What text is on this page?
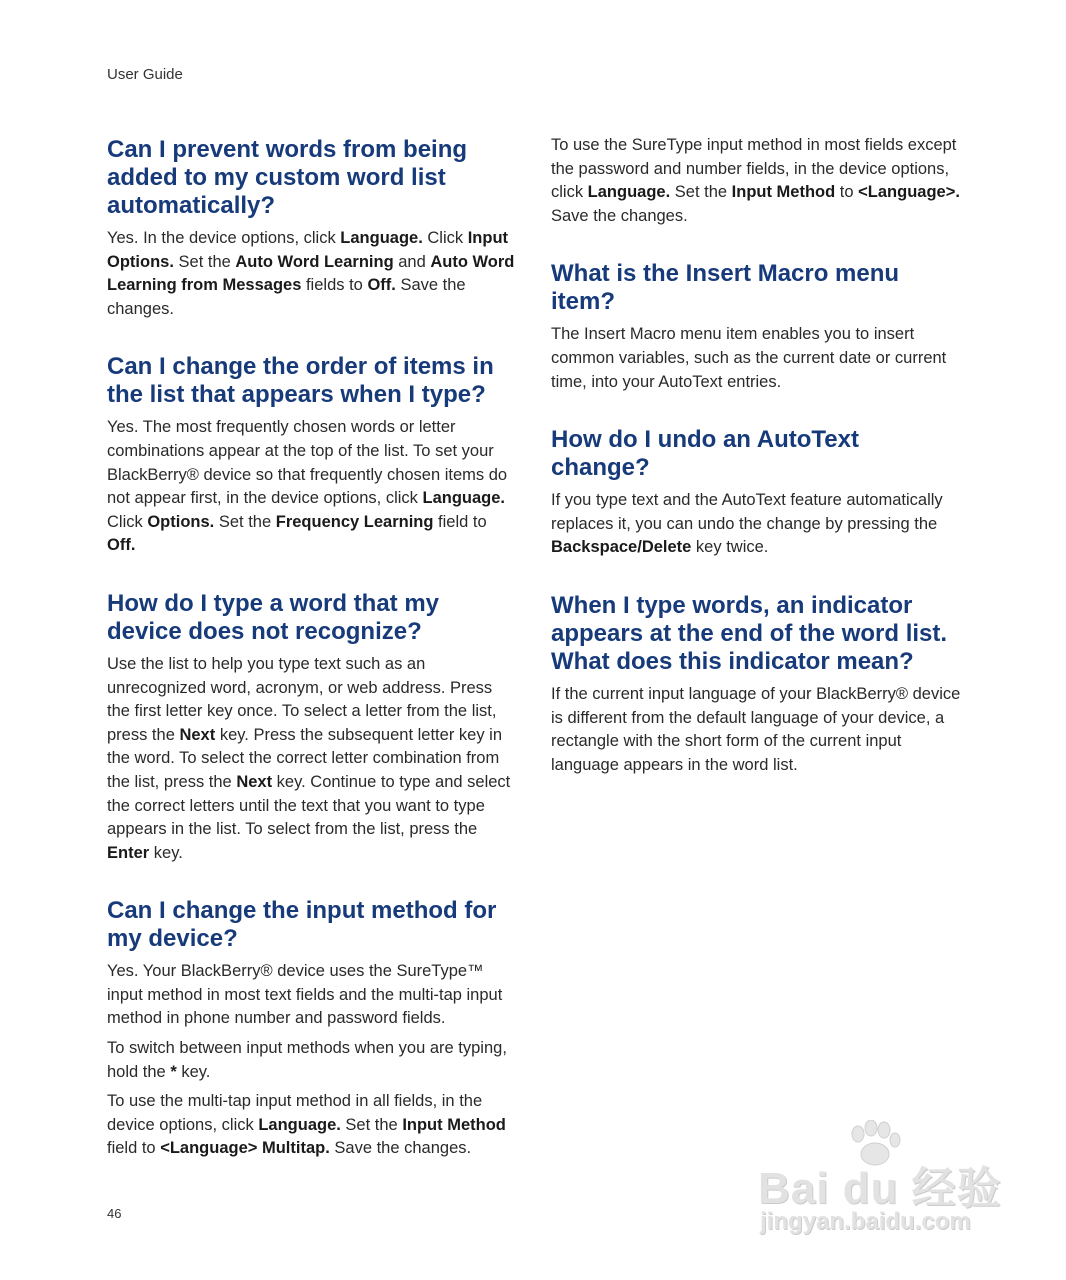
User Guide
Can I prevent words from being added to my custom word list automatically?

Yes. In the device options, click Language. Click Input Options. Set the Auto Word Learning and Auto Word Learning from Messages fields to Off. Save the changes.

Can I change the order of items in the list that appears when I type?

Yes. The most frequently chosen words or letter combinations appear at the top of the list. To set your BlackBerry® device so that frequently chosen items do not appear first, in the device options, click Language. Click Options. Set the Frequency Learning field to Off.

How do I type a word that my device does not recognize?

Use the list to help you type text such as an unrecognized word, acronym, or web address. Press the first letter key once. To select a letter from the list, press the Next key. Press the subsequent letter key in the word. To select the correct letter combination from the list, press the Next key. Continue to type and select the correct letters until the text that you want to type appears in the list. To select from the list, press the Enter key.

Can I change the input method for my device?

Yes. Your BlackBerry® device uses the SureType™ input method in most text fields and the multi-tap input method in phone number and password fields.

To switch between input methods when you are typing, hold the * key.

To use the multi-tap input method in all fields, in the device options, click Language. Set the Input Method field to <Language> Multitap. Save the changes.

To use the SureType input method in most fields except the password and number fields, in the device options, click Language. Set the Input Method to <Language>. Save the changes.

What is the Insert Macro menu item?

The Insert Macro menu item enables you to insert common variables, such as the current date or current time, into your AutoText entries.

How do I undo an AutoText change?

If you type text and the AutoText feature automatically replaces it, you can undo the change by pressing the Backspace/Delete key twice.

When I type words, an indicator appears at the end of the word list. What does this indicator mean?

If the current input language of your BlackBerry® device is different from the default language of your device, a rectangle with the short form of the current input language appears in the word list.

46
Bai du 经验
jingyan.baidu.com
